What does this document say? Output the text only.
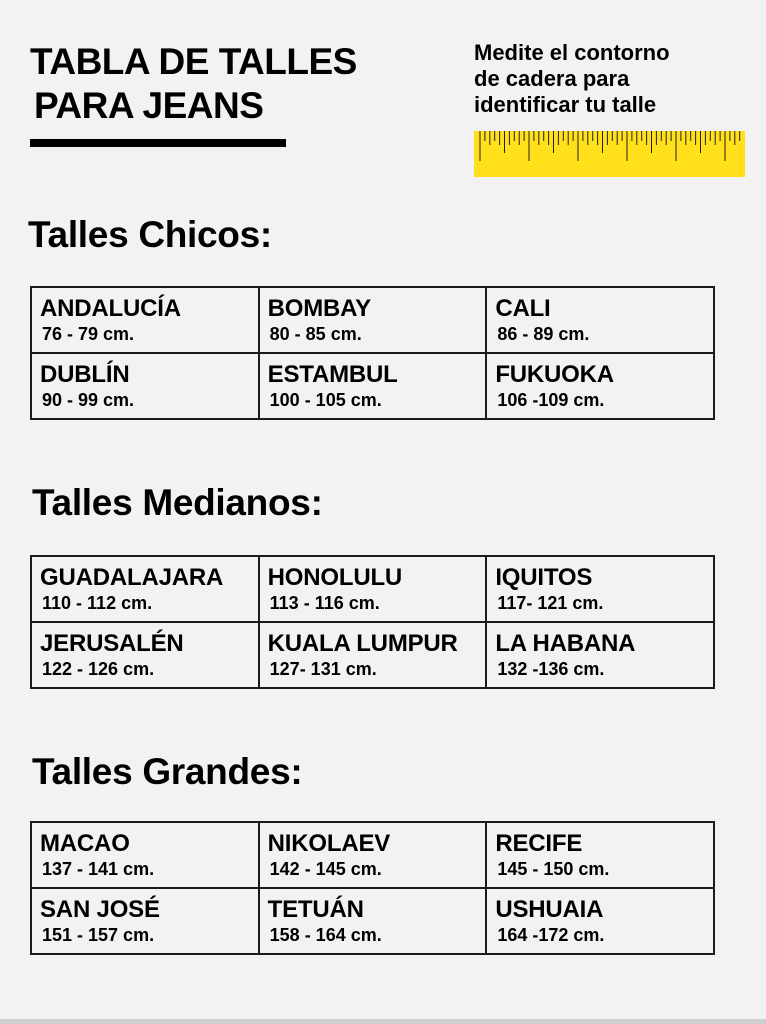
TABLA DE TALLES
PARA JEANS
Medite el contorno
de cadera para
identificar tu talle
Talles Chicos:
ANDALUCÍA
76 - 79 cm.	BOMBAY
80 - 85 cm.	CALI
86 - 89 cm.

DUBLÍN
90 - 99 cm.	ESTAMBUL
100 - 105 cm.	FUKUOKA
106 -109 cm.
Talles Medianos:
GUADALAJARA
110 - 112 cm.	HONOLULU
113 - 116 cm.	IQUITOS
117- 121 cm.

JERUSALÉN
122 - 126 cm.	KUALA LUMPUR
127- 131 cm.	LA HABANA
132 -136 cm.
Talles Grandes:
MACAO
137 - 141 cm.	NIKOLAEV
142 - 145 cm.	RECIFE
145 - 150 cm.

SAN JOSÉ
151 - 157 cm.	TETUÁN
158 - 164 cm.	USHUAIA
164 -172 cm.
